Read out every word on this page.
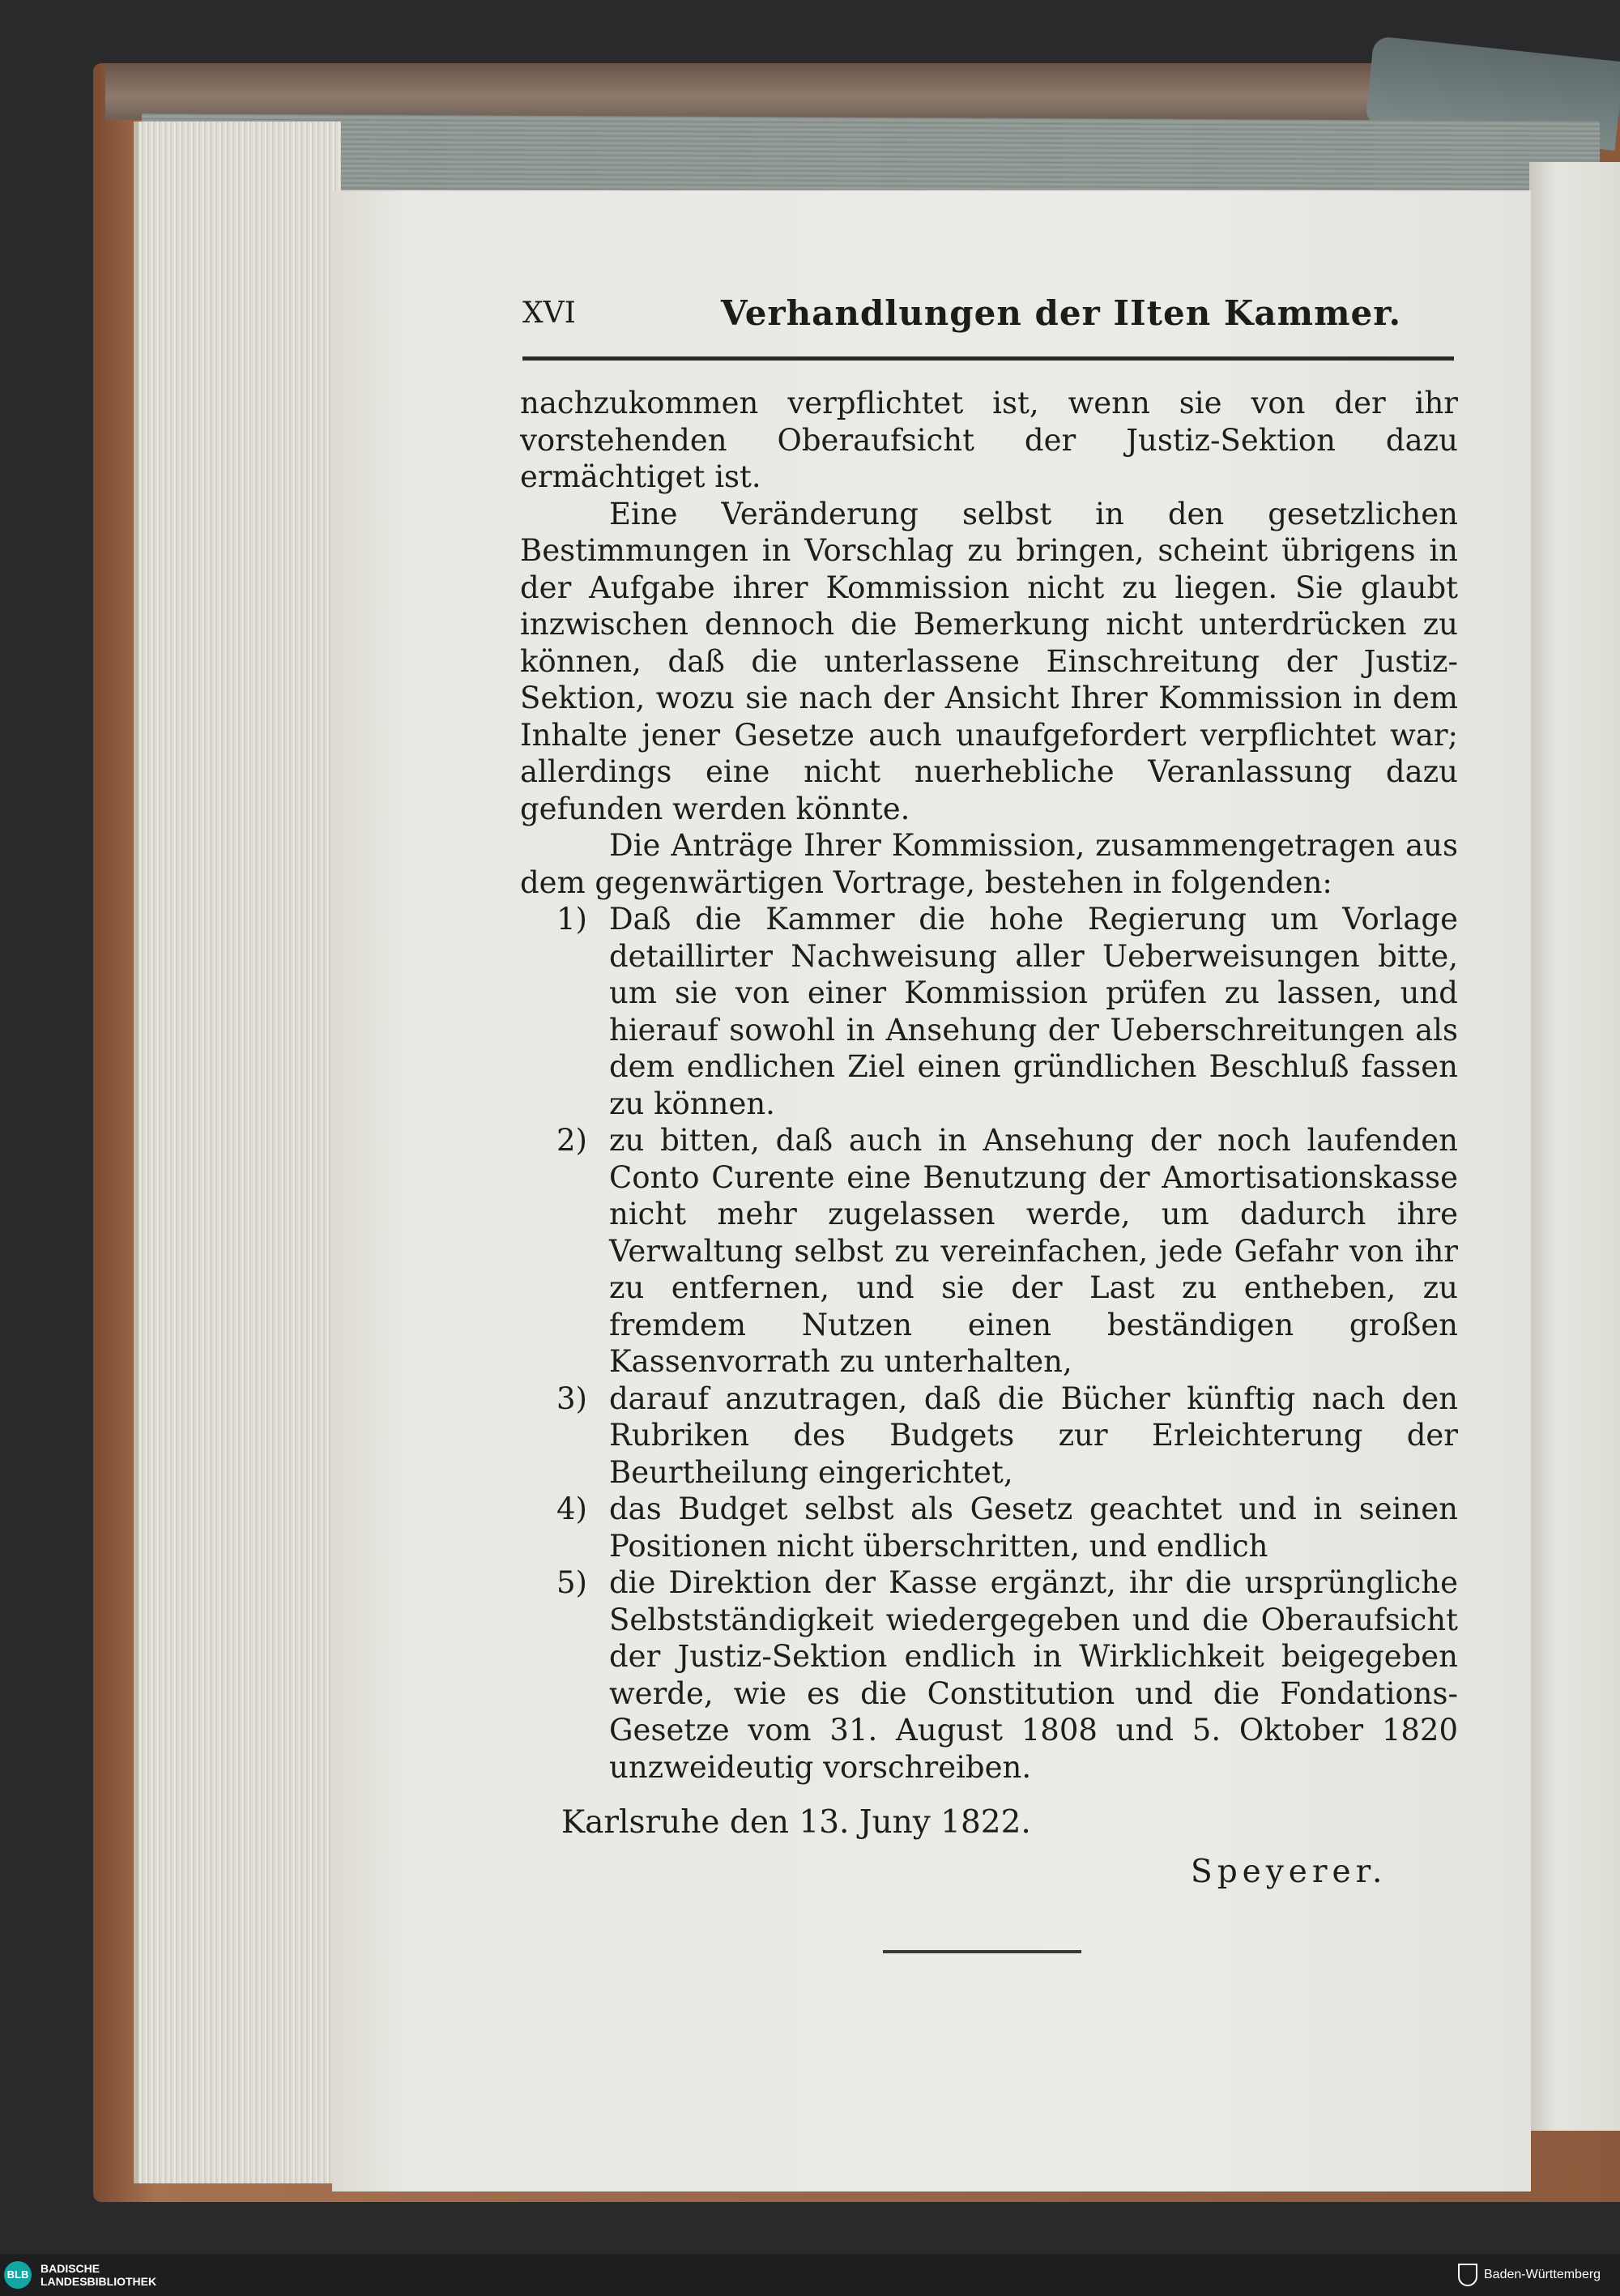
XVI	Verhandlungen der IIten Kammer.

nachzukommen verpflichtet ist, wenn sie von der ihr vorstehenden Oberaufsicht der Justiz-Sektion dazu ermächtiget ist.

Eine Veränderung selbst in den gesetzlichen Bestimmungen in Vorschlag zu bringen, scheint übrigens in der Aufgabe ihrer Kommission nicht zu liegen. Sie glaubt inzwischen dennoch die Bemerkung nicht unterdrücken zu können, daß die unterlassene Einschreitung der Justiz-Sektion, wozu sie nach der Ansicht Ihrer Kommission in dem Inhalte jener Gesetze auch unaufgefordert verpflichtet war; allerdings eine nicht nuerhebliche Veranlassung dazu gefunden werden könnte.

Die Anträge Ihrer Kommission, zusammengetragen aus dem gegenwärtigen Vortrage, bestehen in folgenden:

1) Daß die Kammer die hohe Regierung um Vorlage detaillirter Nachweisung aller Ueberweisungen bitte, um sie von einer Kommission prüfen zu lassen, und hierauf sowohl in Ansehung der Ueberschreitungen als dem endlichen Ziel einen gründlichen Beschluß fassen zu können.
2) zu bitten, daß auch in Ansehung der noch laufenden Conto Curente eine Benutzung der Amortisationskasse nicht mehr zugelassen werde, um dadurch ihre Verwaltung selbst zu vereinfachen, jede Gefahr von ihr zu entfernen, und sie der Last zu entheben, zu fremdem Nutzen einen beständigen großen Kassenvorrath zu unterhalten,
3) darauf anzutragen, daß die Bücher künftig nach den Rubriken des Budgets zur Erleichterung der Beurtheilung eingerichtet,
4) das Budget selbst als Gesetz geachtet und in seinen Positionen nicht überschritten, und endlich
5) die Direktion der Kasse ergänzt, ihr die ursprüngliche Selbstständigkeit wiedergegeben und die Oberaufsicht der Justiz-Sektion endlich in Wirklichkeit beigegeben werde, wie es die Constitution und die Fondations-Gesetze vom 31. August 1808 und 5. Oktober 1820 unzweideutig vorschreiben.
Karlsruhe den 13. Juny 1822.
Speyerer.
BLB BADISCHE
LANDESBIBLIOTHEK	Baden-Württemberg
